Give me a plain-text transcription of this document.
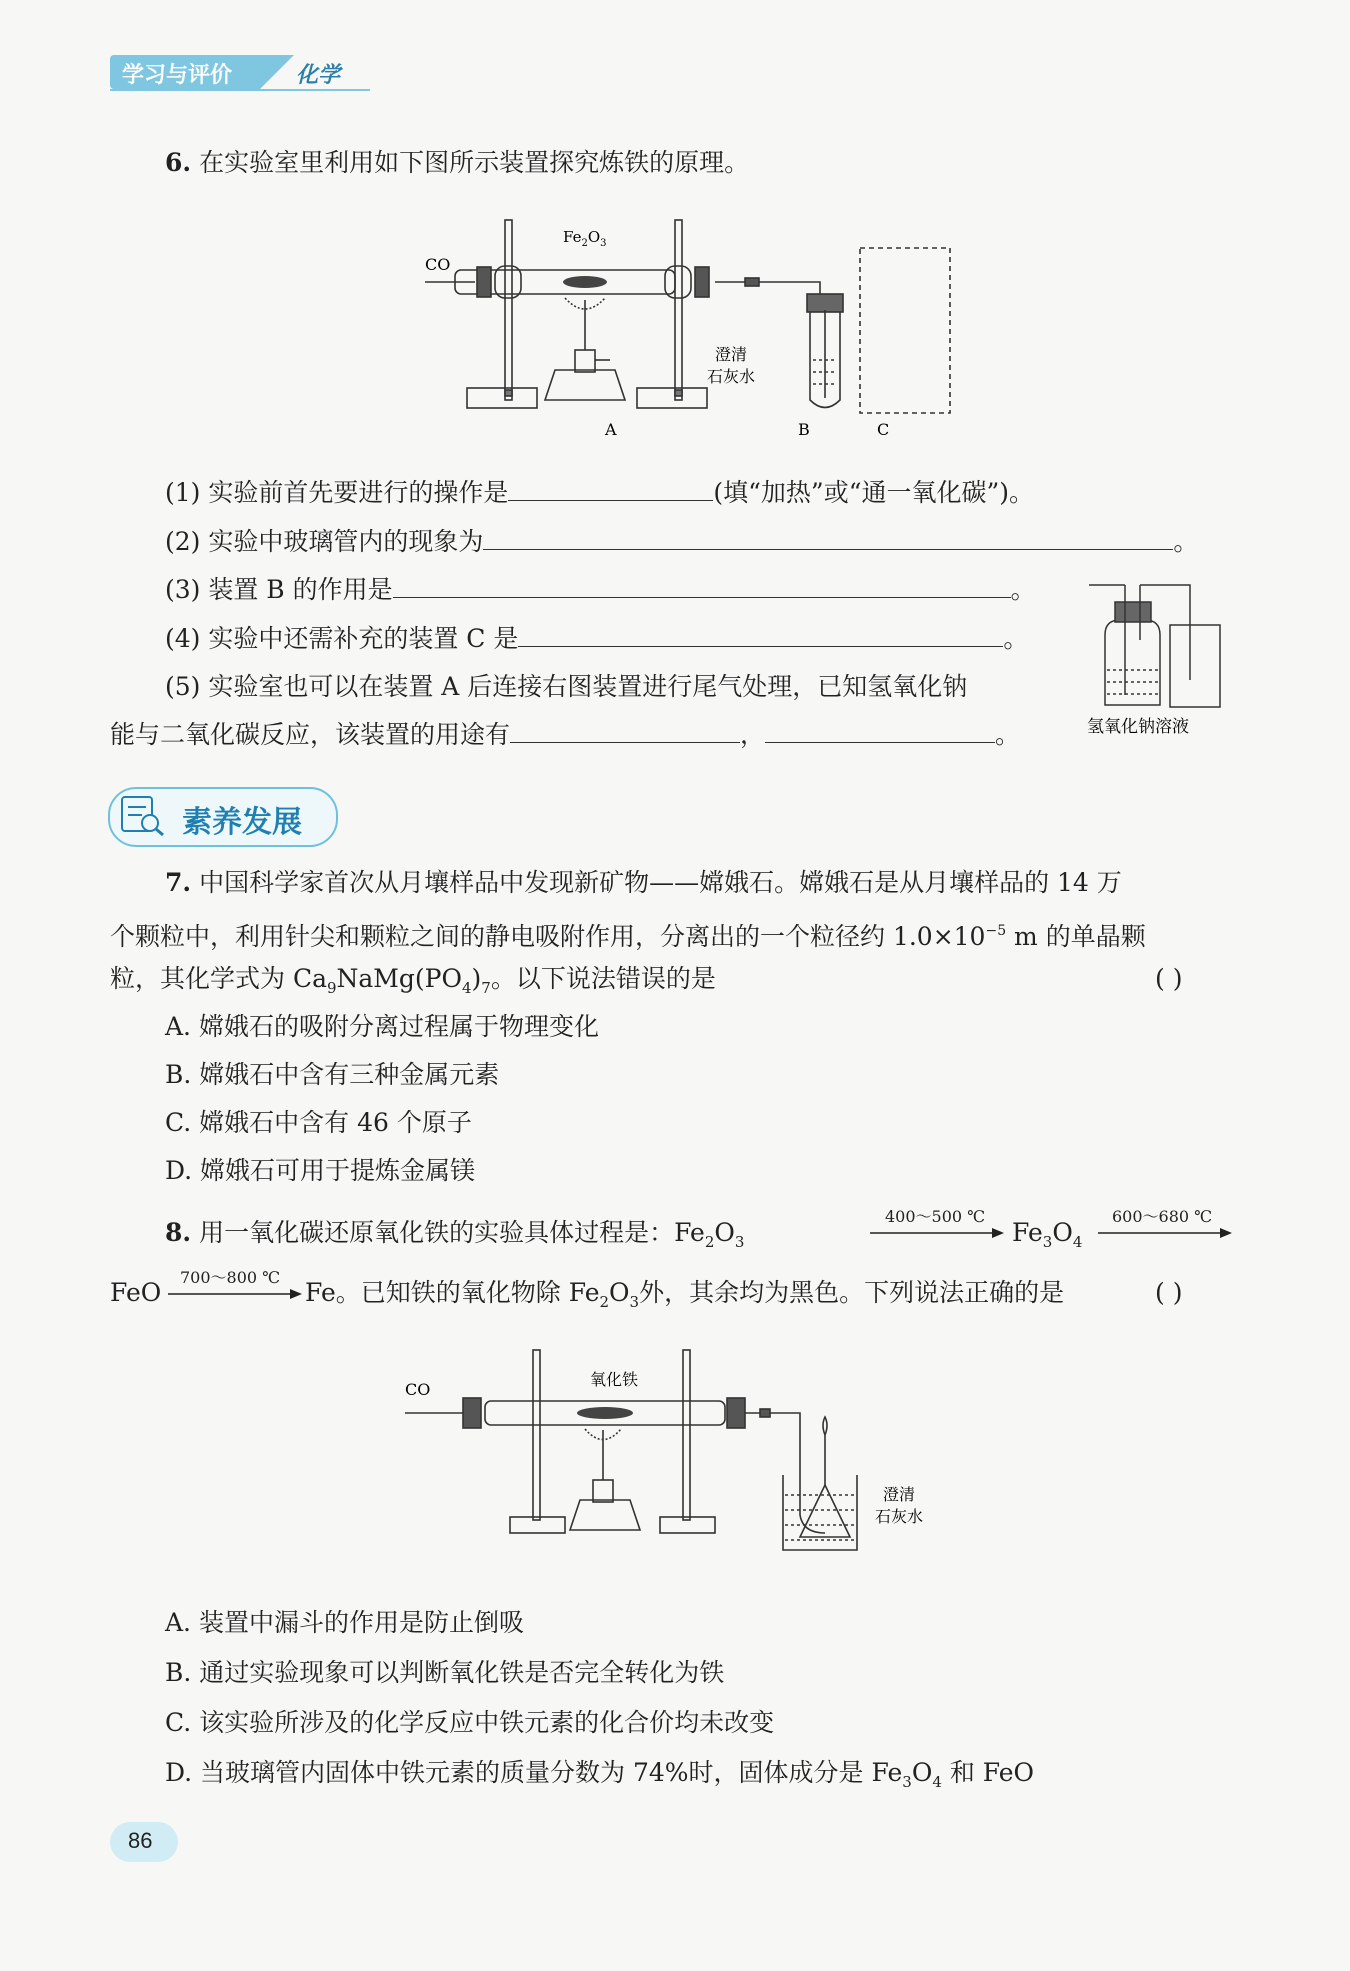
学习与评价	化学
6. 在实验室里利用如下图所示装置探究炼铁的原理。
CO
$Fe_2O_3$
澄清
石灰水
A	B	C
(1) 实验前首先要进行的操作是	(填“加热”或“通一氧化碳”)。
(2) 实验中玻璃管内的现象为	。
(3) 装置 B 的作用是	。
(4) 实验中还需补充的装置 C 是	。
(5) 实验室也可以在装置 A 后连接右图装置进行尾气处理，已知氢氧化钠
能与二氧化碳反应，该装置的用途有	，	。	氢氧化钠溶液
素养发展
7. 中国科学家首次从月壤样品中发现新矿物——嫦娥石。嫦娥石是从月壤样品的 14 万
个颗粒中，利用针尖和颗粒之间的静电吸附作用，分离出的一个粒径约 $1.0\times 10^{-5}$ m 的单晶颗
粒，其化学式为 $Ca_9NaMg(PO_4)_7$。以下说法错误的是	( )
A. 嫦娥石的吸附分离过程属于物理变化
B. 嫦娥石中含有三种金属元素
C. 嫦娥石中含有 46 个原子
D. 嫦娥石可用于提炼金属镁
8. 用一氧化碳还原氧化铁的实验具体过程是：$Fe_2O_3$
400～500 ℃
$Fe_3O_4$
600～680 ℃
FeO
700～800 ℃
Fe。已知铁的氧化物除 $Fe_2O_3$外，其余均为黑色。下列说法正确的是	( )
CO
氧化铁
澄清
石灰水
A. 装置中漏斗的作用是防止倒吸
B. 通过实验现象可以判断氧化铁是否完全转化为铁
C. 该实验所涉及的化学反应中铁元素的化合价均未改变
D. 当玻璃管内固体中铁元素的质量分数为 74%时，固体成分是 $Fe_3O_4$ 和 FeO
86
